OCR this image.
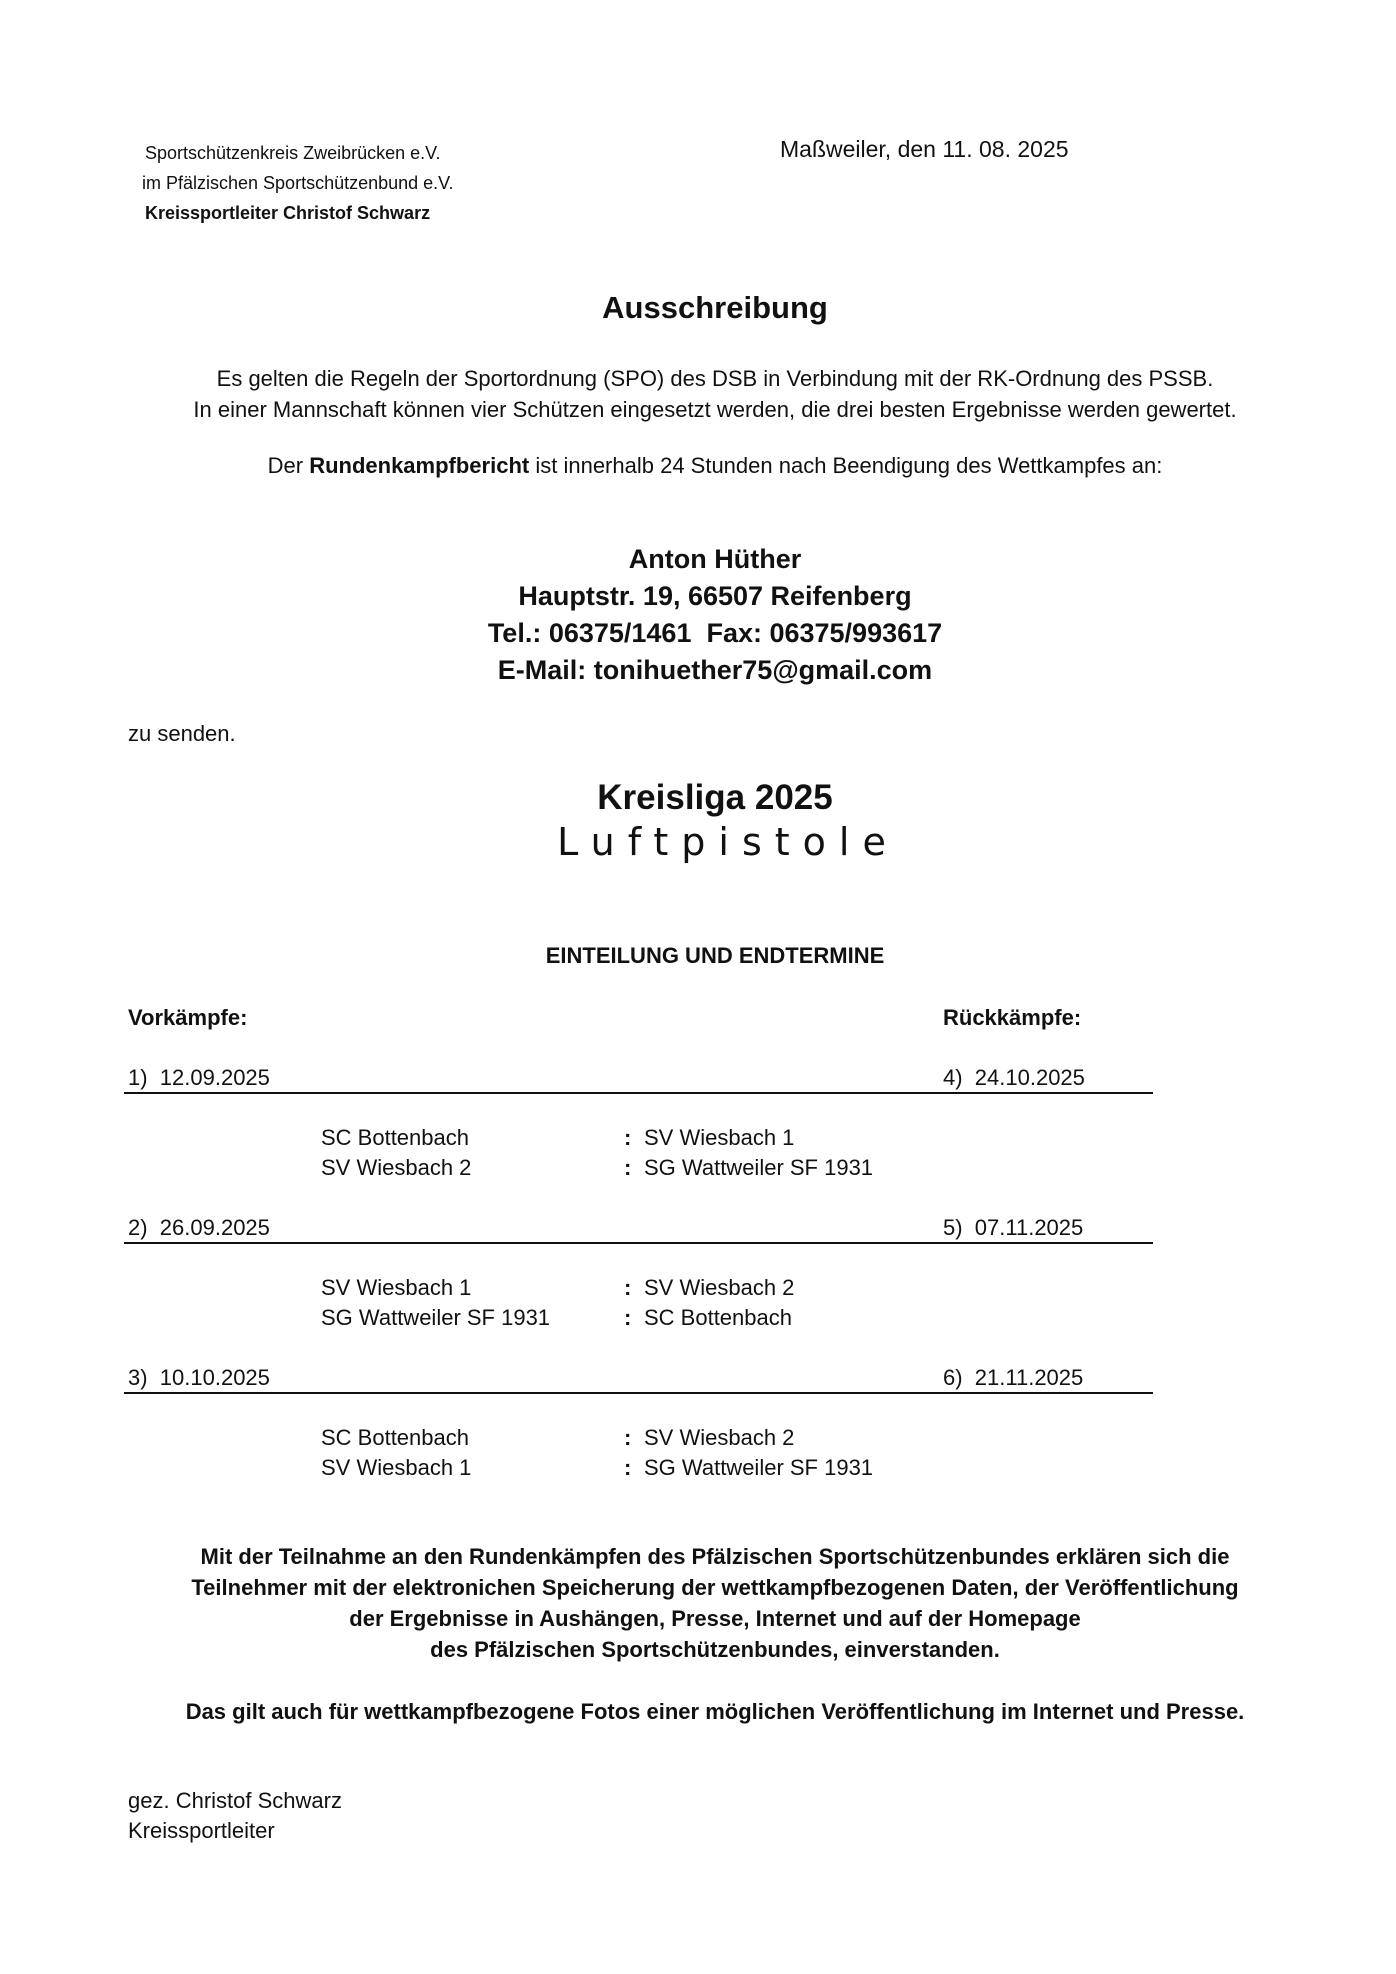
Sportschützenkreis Zweibrücken e.V.
im Pfälzischen Sportschützenbund e.V.
Kreissportleiter Christof Schwarz
Maßweiler, den 11. 08. 2025
Ausschreibung
Es gelten die Regeln der Sportordnung (SPO) des DSB in Verbindung mit der RK-Ordnung des PSSB.
In einer Mannschaft können vier Schützen eingesetzt werden, die drei besten Ergebnisse werden gewertet.
Der Rundenkampfbericht ist innerhalb 24 Stunden nach Beendigung des Wettkampfes an:
Anton Hüther
Hauptstr. 19, 66507 Reifenberg
Tel.: 06375/1461  Fax: 06375/993617
E-Mail: tonihuether75@gmail.com
zu senden.
Kreisliga 2025
Luftpistole
EINTEILUNG UND ENDTERMINE
Vorkämpfe:	Rückkämpfe:
1)  12.09.2025	4)  24.10.2025
SC Bottenbach	: SV Wiesbach 1
SV Wiesbach 2	: SG Wattweiler SF 1931
2)  26.09.2025	5)  07.11.2025
SV Wiesbach 1	: SV Wiesbach 2
SG Wattweiler SF 1931	: SC Bottenbach
3)  10.10.2025	6)  21.11.2025
SC Bottenbach	: SV Wiesbach 2
SV Wiesbach 1	: SG Wattweiler SF 1931
Mit der Teilnahme an den Rundenkämpfen des Pfälzischen Sportschützenbundes erklären sich die
Teilnehmer mit der elektronichen Speicherung der wettkampfbezogenen Daten, der Veröffentlichung
der Ergebnisse in Aushängen, Presse, Internet und auf der Homepage
des Pfälzischen Sportschützenbundes, einverstanden.
Das gilt auch für wettkampfbezogene Fotos einer möglichen Veröffentlichung im Internet und Presse.
gez. Christof Schwarz
Kreissportleiter
